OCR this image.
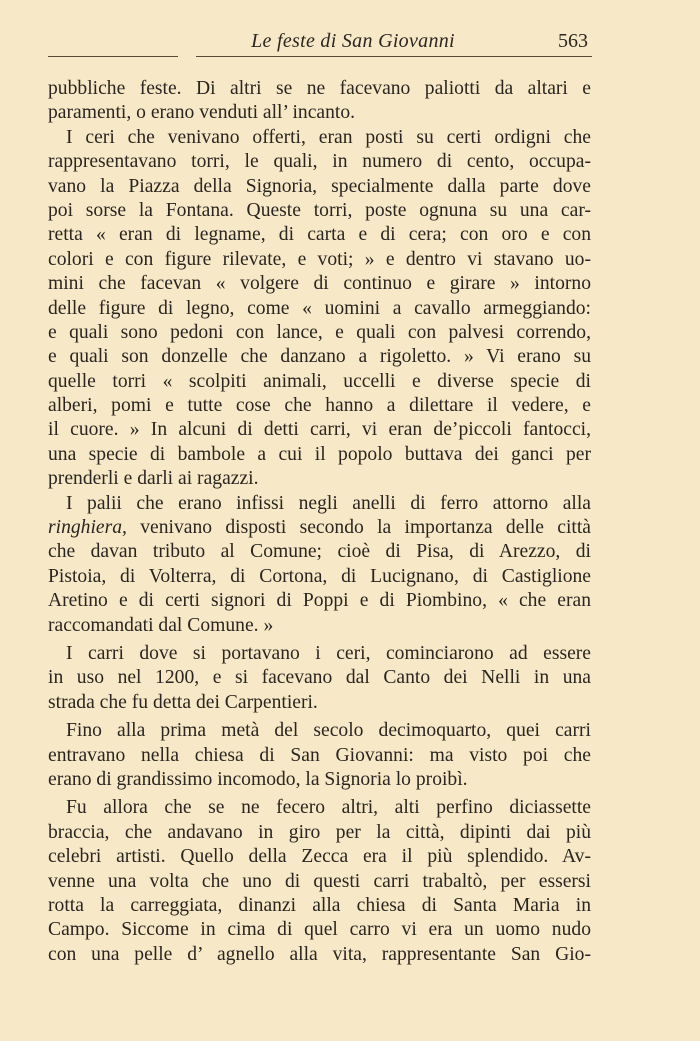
Le feste di San Giovanni	563
pubbliche feste. Di altri se ne facevano paliotti da altari e
paramenti, o erano venduti all’ incanto.
I ceri che venivano offerti, eran posti su certi ordigni che
rappresentavano torri, le quali, in numero di cento, occupa-
vano la Piazza della Signoria, specialmente dalla parte dove
poi sorse la Fontana. Queste torri, poste ognuna su una car-
retta « eran di legname, di carta e di cera; con oro e con
colori e con figure rilevate, e voti; » e dentro vi stavano uo-
mini che facevan « volgere di continuo e girare » intorno
delle figure di legno, come « uomini a cavallo armeggiando:
e quali sono pedoni con lance, e quali con palvesi correndo,
e quali son donzelle che danzano a rigoletto. » Vi erano su
quelle torri « scolpiti animali, uccelli e diverse specie di
alberi, pomi e tutte cose che hanno a dilettare il vedere, e
il cuore. » In alcuni di detti carri, vi eran de’piccoli fantocci,
una specie di bambole a cui il popolo buttava dei ganci per
prenderli e darli ai ragazzi.
I palii che erano infissi negli anelli di ferro attorno alla
ringhiera, venivano disposti secondo la importanza delle città
che davan tributo al Comune; cioè di Pisa, di Arezzo, di
Pistoia, di Volterra, di Cortona, di Lucignano, di Castiglione
Aretino e di certi signori di Poppi e di Piombino, « che eran
raccomandati dal Comune. »
I carri dove si portavano i ceri, cominciarono ad essere
in uso nel 1200, e si facevano dal Canto dei Nelli in una
strada che fu detta dei Carpentieri.
Fino alla prima metà del secolo decimoquarto, quei carri
entravano nella chiesa di San Giovanni: ma visto poi che
erano di grandissimo incomodo, la Signoria lo proibì.
Fu allora che se ne fecero altri, alti perfino diciassette
braccia, che andavano in giro per la città, dipinti dai più
celebri artisti. Quello della Zecca era il più splendido. Av-
venne una volta che uno di questi carri trabaltò, per essersi
rotta la carreggiata, dinanzi alla chiesa di Santa Maria in
Campo. Siccome in cima di quel carro vi era un uomo nudo
con una pelle d’ agnello alla vita, rappresentante San Gio-
